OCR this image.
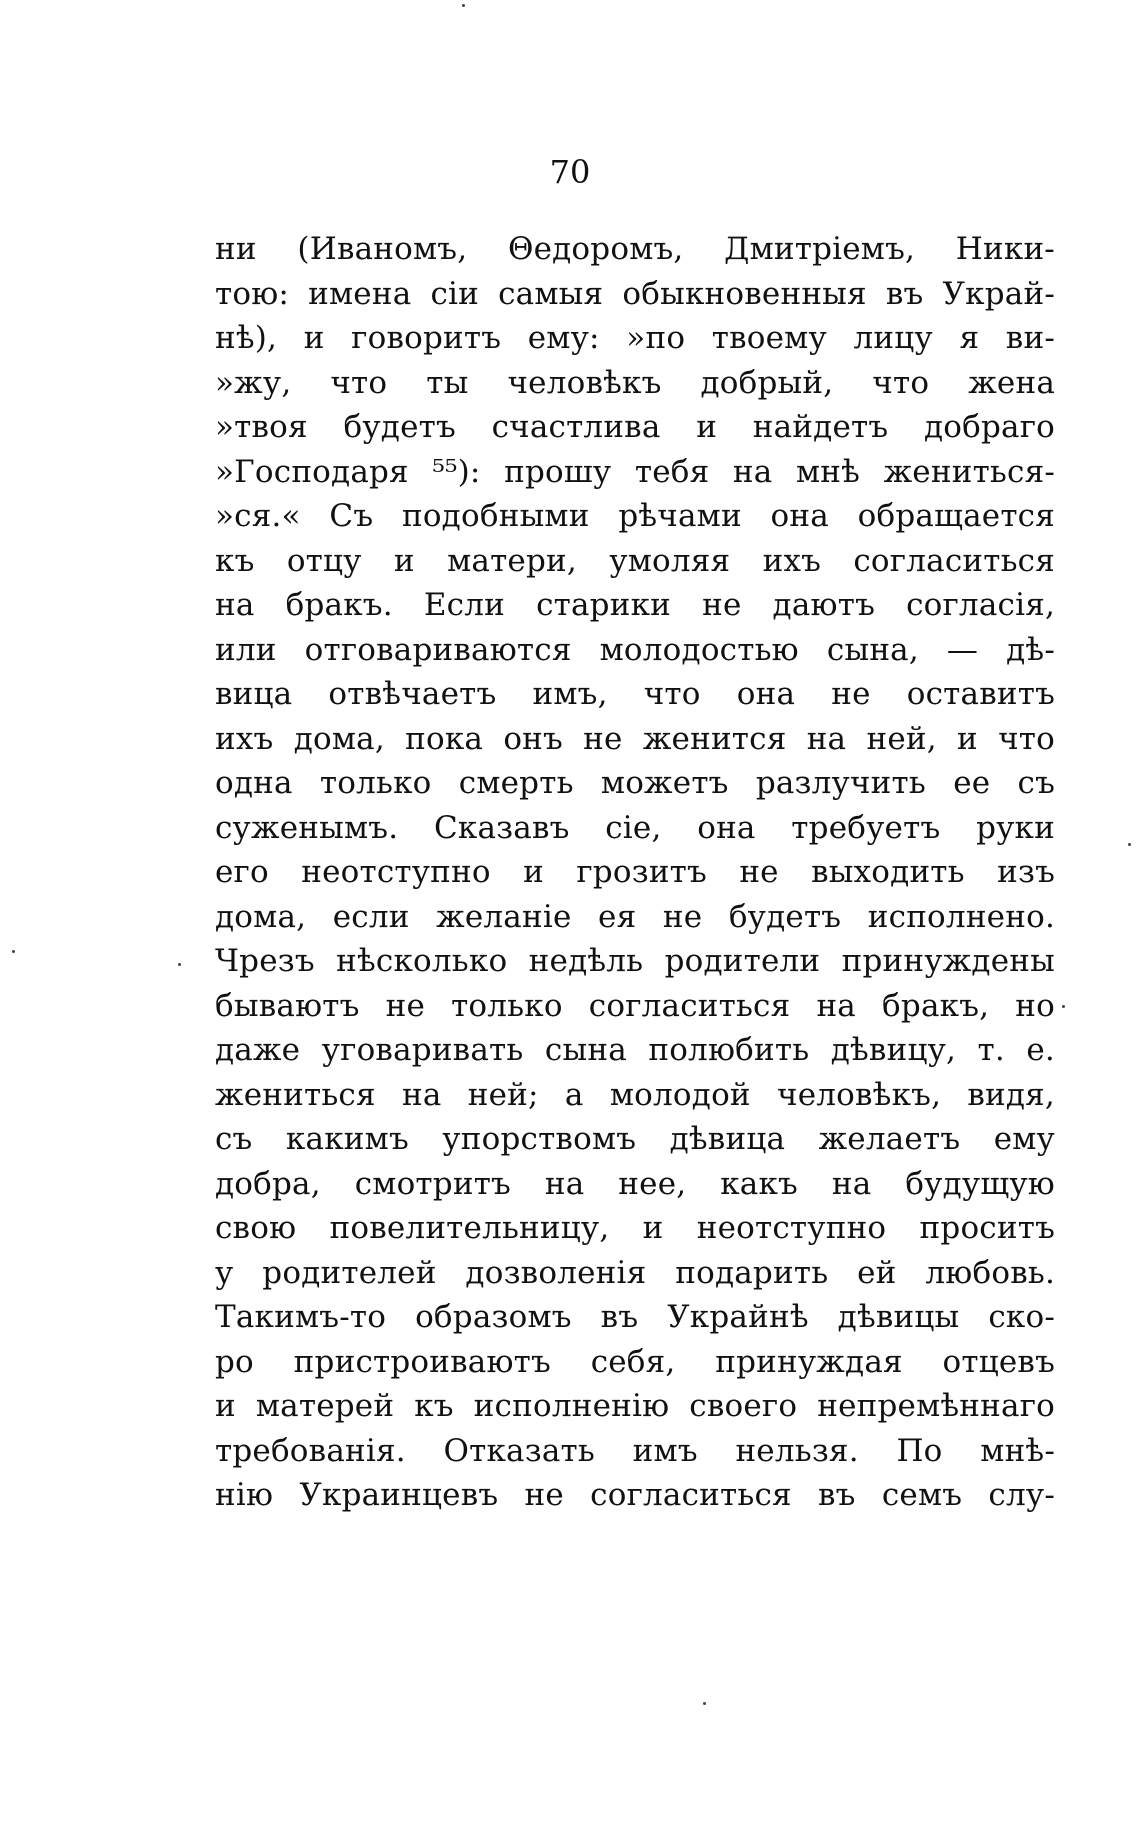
70
ни (Иваномъ, Θедоромъ, Дмитріемъ, Ники-
тою: имена сіи самыя обыкновенныя въ Украй-
нѣ), и говоритъ ему: »по твоему лицу я ви-
»жу, что ты человѣкъ добрый, что жена
»твоя будетъ счастлива и найдетъ добраго
»Господаря ⁵⁵): прошу тебя на мнѣ жениться-
»ся.« Съ подобными рѣчами она обращается
къ отцу и матери, умоляя ихъ согласиться
на бракъ. Если старики не даютъ согласія,
или отговариваются молодостью сына, — дѣ-
вица отвѣчаетъ имъ, что она не оставитъ
ихъ дома, пока онъ не женится на ней, и что
одна только смерть можетъ разлучить ее съ
суженымъ. Сказавъ сіе, она требуетъ руки
его неотступно и грозитъ не выходить изъ
дома, если желаніе ея не будетъ исполнено.
Чрезъ нѣсколько недѣль родители принуждены
бываютъ не только согласиться на бракъ, но
даже уговаривать сына полюбить дѣвицу, т. е.
жениться на ней; а молодой человѣкъ, видя,
съ какимъ упорствомъ дѣвица желаетъ ему
добра, смотритъ на нее, какъ на будущую
свою повелительницу, и неотступно проситъ
у родителей дозволенія подарить ей любовь.
Такимъ-то образомъ въ Украйнѣ дѣвицы ско-
ро пристроиваютъ себя, принуждая отцевъ
и матерей къ исполненію своего непремѣннаго
требованія. Отказать имъ нельзя. По мнѣ-
нію Украинцевъ не согласиться въ семъ слу-
